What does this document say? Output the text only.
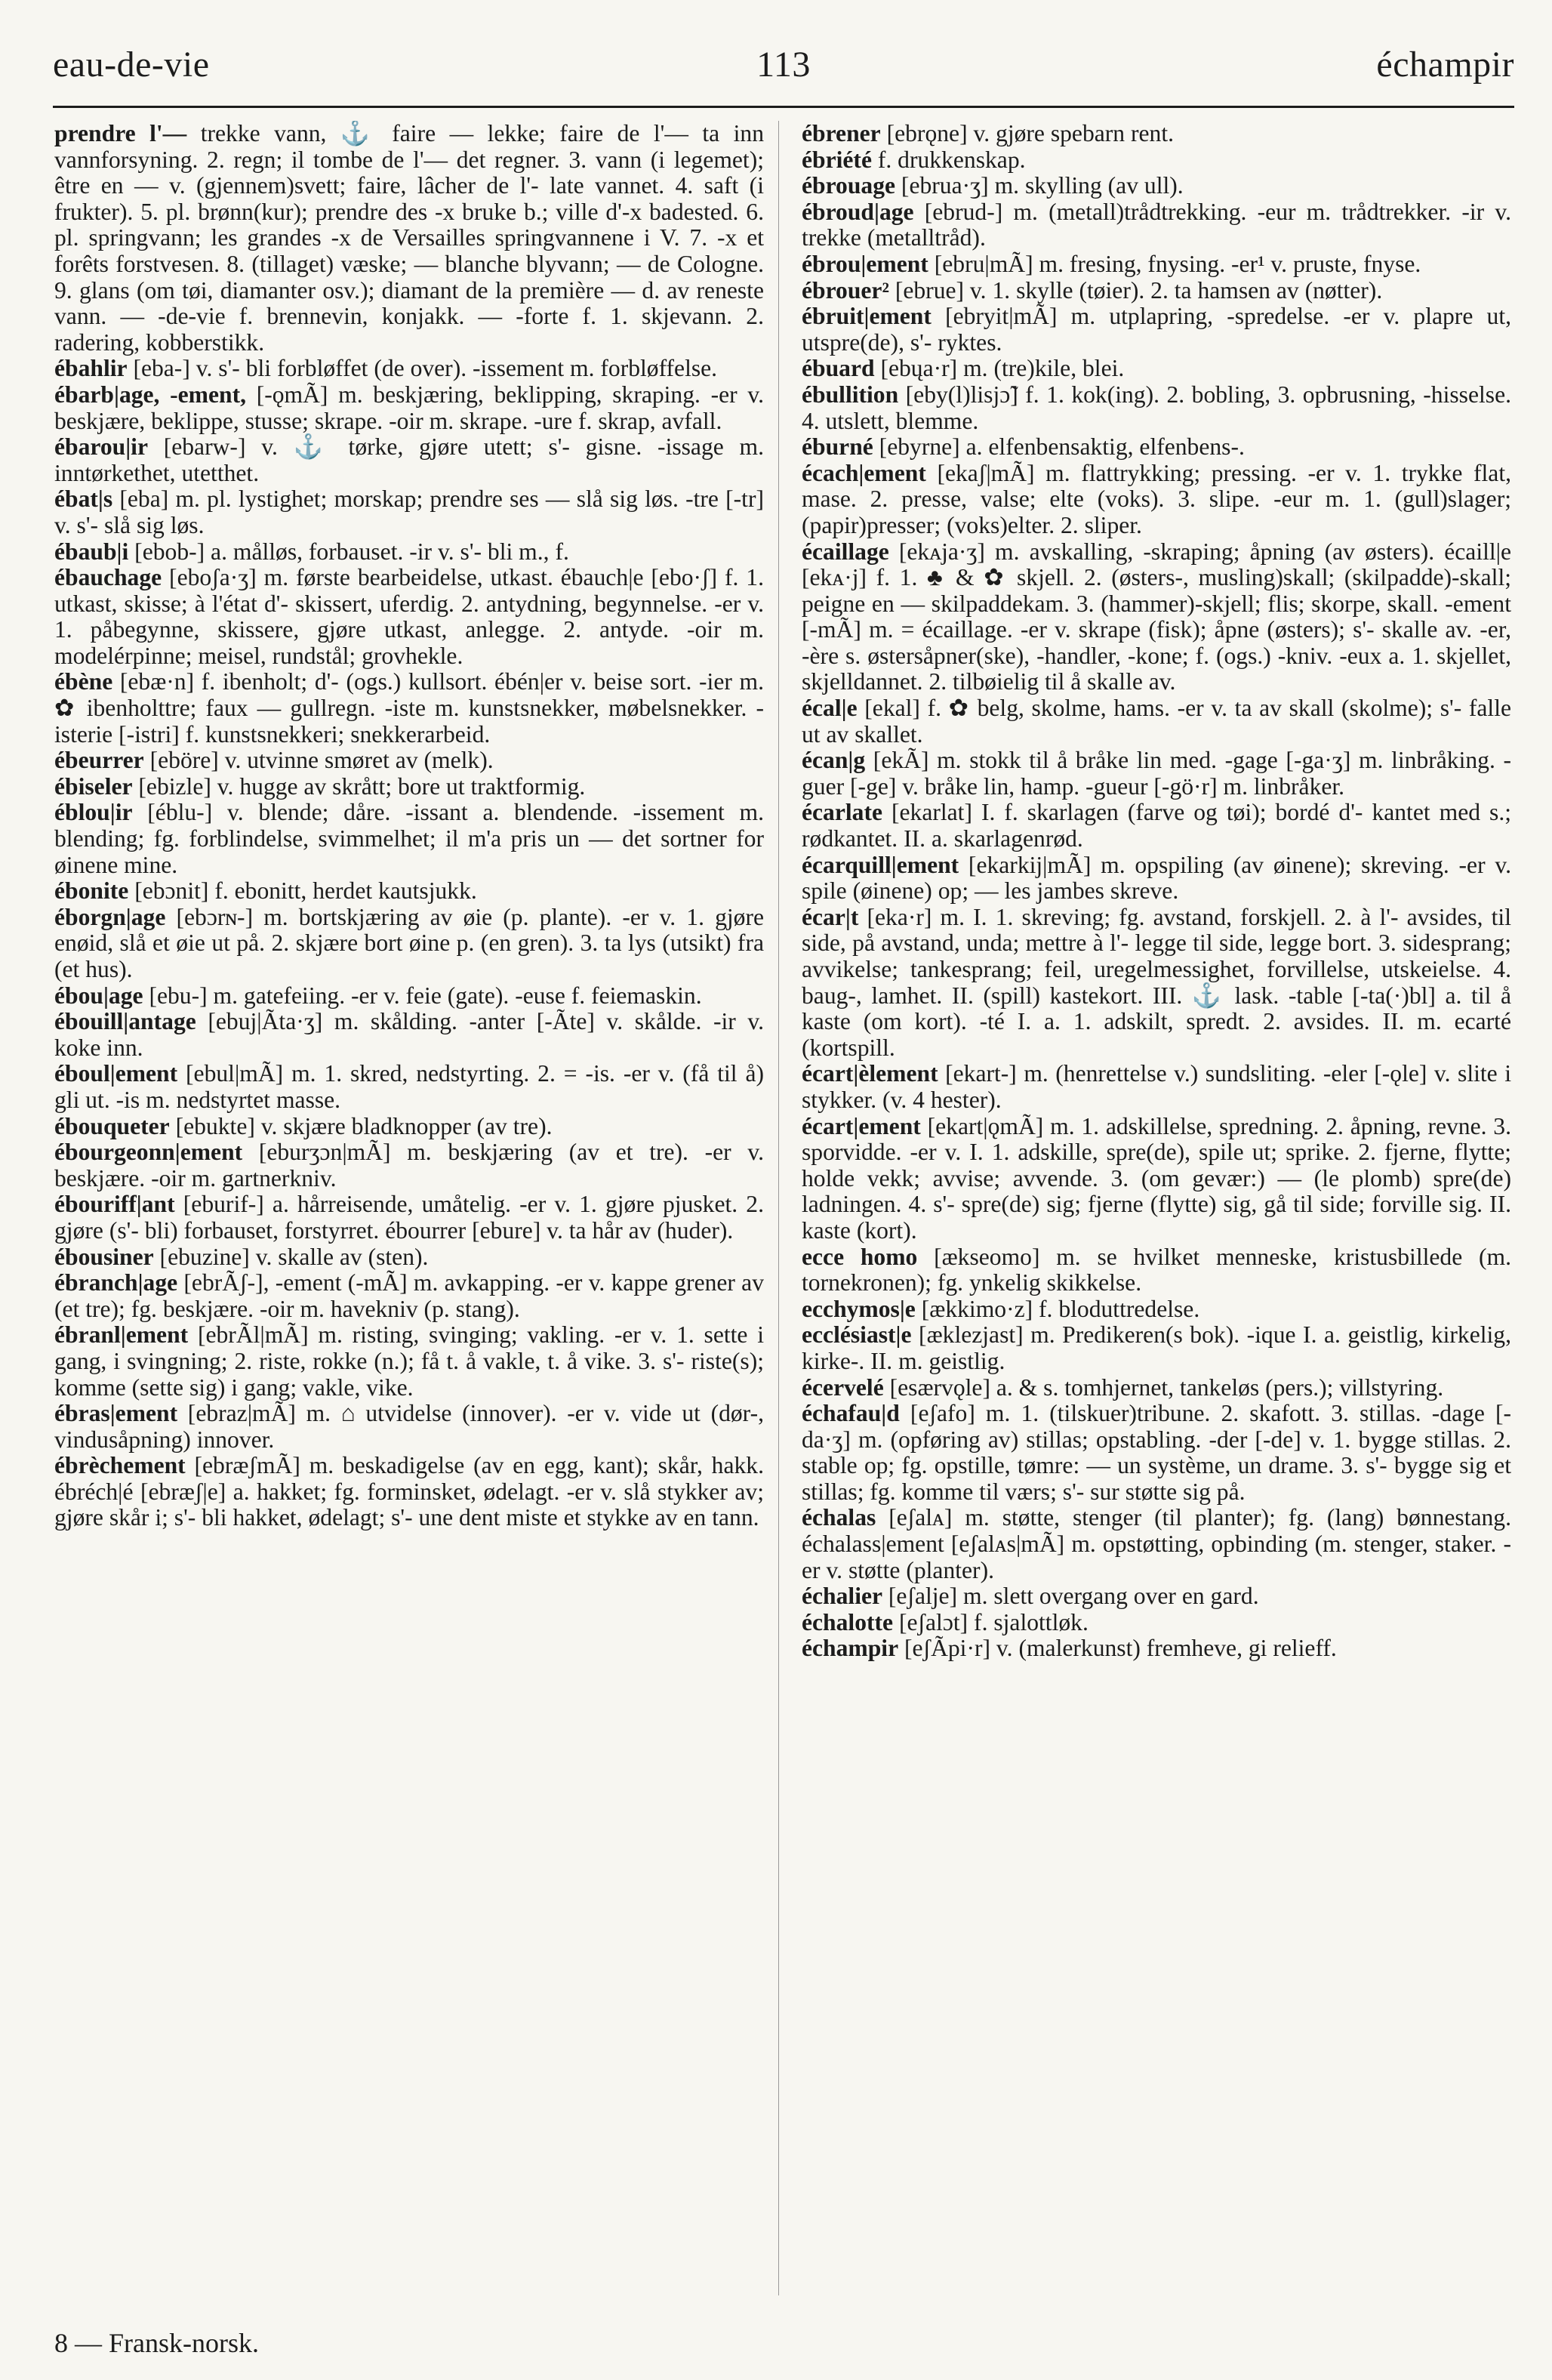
eau-de-vie	113	échampir

prendre l'— trekke vann, ⚓ faire — lekke; faire de l'— ta inn vannforsyning. 2. regn; il tombe de l'— det regner. 3. vann (i legemet); être en — v. (gjennem)svett; faire, lâcher de l'- late vannet. 4. saft (i frukter). 5. pl. brønn(kur); prendre des -x bruke b.; ville d'-x badested. 6. pl. springvann; les grandes -x de Versailles springvannene i V. 7. -x et forêts forstvesen. 8. (tillaget) væske; — blanche blyvann; — de Cologne. 9. glans (om tøi, diamanter osv.); diamant de la première — d. av reneste vann. — -de-vie f. brennevin, konjakk. — -forte f. 1. skjevann. 2. radering, kobberstikk.

ébahlir [eba-] v. s'- bli forbløffet (de over). -issement m. forbløffelse.

ébarb|age, -ement, [-ǫmÃ] m. beskjæring, beklipping, skraping. -er v. beskjære, beklippe, stusse; skrape. -oir m. skrape. -ure f. skrap, avfall.

ébarou|ir [ebarw-] v. ⚓ tørke, gjøre utett; s'- gisne. -issage m. inntørkethet, utetthet.

ébat|s [eba] m. pl. lystighet; morskap; prendre ses — slå sig løs. -tre [-tr] v. s'- slå sig løs.

ébaub|i [ebob-] a. målløs, forbauset. -ir v. s'- bli m., f.

ébauchage [eboʃa·ʒ] m. første bearbeidelse, utkast. ébauch|e [ebo·ʃ] f. 1. utkast, skisse; à l'état d'- skissert, uferdig. 2. antydning, begynnelse. -er v. 1. påbegynne, skissere, gjøre utkast, anlegge. 2. antyde. -oir m. modelérpinne; meisel, rundstål; grovhekle.

ébène [ebæ·n] f. ibenholt; d'- (ogs.) kullsort. ébén|er v. beise sort. -ier m. ✿ ibenholttre; faux — gullregn. -iste m. kunstsnekker, møbelsnekker. -isterie [-istri] f. kunstsnekkeri; snekkerarbeid.

ébeurrer [eböre] v. utvinne smøret av (melk).

ébiseler [ebizle] v. hugge av skrått; bore ut traktformig.

éblou|ir [éblu-] v. blende; dåre. -issant a. blendende. -issement m. blending; fg. forblindelse, svimmelhet; il m'a pris un — det sortner for øinene mine.

ébonite [ebɔnit] f. ebonitt, herdet kautsjukk.

éborgn|age [ebɔrɴ-] m. bortskjæring av øie (p. plante). -er v. 1. gjøre enøid, slå et øie ut på. 2. skjære bort øine p. (en gren). 3. ta lys (utsikt) fra (et hus).

ébou|age [ebu-] m. gatefeiing. -er v. feie (gate). -euse f. feiemaskin.

ébouill|antage [ebuj|Ãta·ʒ] m. skålding. -anter [-Ãte] v. skålde. -ir v. koke inn.

éboul|ement [ebul|mÃ] m. 1. skred, nedstyrting. 2. = -is. -er v. (få til å) gli ut. -is m. nedstyrtet masse.

ébouqueter [ebukte] v. skjære bladknopper (av tre).

ébourgeonn|ement [eburʒɔn|mÃ] m. beskjæring (av et tre). -er v. beskjære. -oir m. gartnerkniv.

ébouriff|ant [eburif-] a. hårreisende, umåtelig. -er v. 1. gjøre pjusket. 2. gjøre (s'- bli) forbauset, forstyrret. ébourrer [ebure] v. ta hår av (huder).

ébousiner [ebuzine] v. skalle av (sten).

ébranch|age [ebrÃʃ-], -ement (-mÃ] m. avkapping. -er v. kappe grener av (et tre); fg. beskjære. -oir m. havekniv (p. stang).

ébranl|ement [ebrÃl|mÃ] m. risting, svinging; vakling. -er v. 1. sette i gang, i svingning; 2. riste, rokke (n.); få t. å vakle, t. å vike. 3. s'- riste(s); komme (sette sig) i gang; vakle, vike.

ébras|ement [ebraz|mÃ] m. ⌂ utvidelse (innover). -er v. vide ut (dør-, vindusåpning) innover.

ébrèchement [ebræʃmÃ] m. beskadigelse (av en egg, kant); skår, hakk. ébréch|é [ebræʃ|e] a. hakket; fg. forminsket, ødelagt. -er v. slå stykker av; gjøre skår i; s'- bli hakket, ødelagt; s'- une dent miste et stykke av en tann.

ébrener [ebrǫne] v. gjøre spebarn rent.

ébriété f. drukkenskap.

ébrouage [ebrua·ʒ] m. skylling (av ull).

ébroud|age [ebrud-] m. (metall)trådtrekking. -eur m. trådtrekker. -ir v. trekke (metalltråd).

ébrou|ement [ebru|mÃ] m. fresing, fnysing. -er¹ v. pruste, fnyse.

ébrouer² [ebrue] v. 1. skylle (tøier). 2. ta hamsen av (nøtter).

ébruit|ement [ebryit|mÃ] m. utplapring, -spredelse. -er v. plapre ut, utspre(de), s'- ryktes.

ébuard [ebųa·r] m. (tre)kile, blei.

ébullition [eby(l)lisjɔ̃] f. 1. kok(ing). 2. bobling, 3. opbrusning, -hisselse. 4. utslett, blemme.

éburné [ebyrne] a. elfenbensaktig, elfenbens-.

écach|ement [ekaʃ|mÃ] m. flattrykking; pressing. -er v. 1. trykke flat, mase. 2. presse, valse; elte (voks). 3. slipe. -eur m. 1. (gull)slager; (papir)presser; (voks)elter. 2. sliper.

écaillage [ekᴀja·ʒ] m. avskalling, -skraping; åpning (av østers). écaill|e [ekᴀ·j] f. 1. ♣ & ✿ skjell. 2. (østers-, musling)skall; (skilpadde)-skall; peigne en — skilpaddekam. 3. (hammer)-skjell; flis; skorpe, skall. -ement [-mÃ] m. = écaillage. -er v. skrape (fisk); åpne (østers); s'- skalle av. -er, -ère s. østersåpner(ske), -handler, -kone; f. (ogs.) -kniv. -eux a. 1. skjellet, skjelldannet. 2. tilbøielig til å skalle av.

écal|e [ekal] f. ✿ belg, skolme, hams. -er v. ta av skall (skolme); s'- falle ut av skallet.

écan|g [ekÃ] m. stokk til å bråke lin med. -gage [-ga·ʒ] m. linbråking. -guer [-ge] v. bråke lin, hamp. -gueur [-gö·r] m. linbråker.

écarlate [ekarlat] I. f. skarlagen (farve og tøi); bordé d'- kantet med s.; rødkantet. II. a. skarlagenrød.

écarquill|ement [ekarkij|mÃ] m. opspiling (av øinene); skreving. -er v. spile (øinene) op; — les jambes skreve.

écar|t [eka·r] m. I. 1. skreving; fg. avstand, forskjell. 2. à l'- avsides, til side, på avstand, unda; mettre à l'- legge til side, legge bort. 3. sidesprang; avvikelse; tankesprang; feil, uregelmessighet, forvillelse, utskeielse. 4. baug-, lamhet. II. (spill) kastekort. III. ⚓ lask. -table [-ta(·)bl] a. til å kaste (om kort). -té I. a. 1. adskilt, spredt. 2. avsides. II. m. ecarté (kortspill.

écart|èlement [ekart-] m. (henrettelse v.) sundsliting. -eler [-ǫle] v. slite i stykker. (v. 4 hester).

écart|ement [ekart|ǫmÃ] m. 1. adskillelse, spredning. 2. åpning, revne. 3. sporvidde. -er v. I. 1. adskille, spre(de), spile ut; sprike. 2. fjerne, flytte; holde vekk; avvise; avvende. 3. (om gevær:) — (le plomb) spre(de) ladningen. 4. s'- spre(de) sig; fjerne (flytte) sig, gå til side; forville sig. II. kaste (kort).

ecce homo [ækseomo] m. se hvilket menneske, kristusbillede (m. tornekronen); fg. ynkelig skikkelse.

ecchymos|e [ækkimo·z] f. bloduttredelse.

ecclésiast|e [æklezjast] m. Predikeren(s bok). -ique I. a. geistlig, kirkelig, kirke-. II. m. geistlig.

écervelé [esærvǫle] a. & s. tomhjernet, tankeløs (pers.); villstyring.

échafau|d [eʃafo] m. 1. (tilskuer)tribune. 2. skafott. 3. stillas. -dage [-da·ʒ] m. (opføring av) stillas; opstabling. -der [-de] v. 1. bygge stillas. 2. stable op; fg. opstille, tømre: — un système, un drame. 3. s'- bygge sig et stillas; fg. komme til værs; s'- sur støtte sig på.

échalas [eʃalᴀ] m. støtte, stenger (til planter); fg. (lang) bønnestang. échalass|ement [eʃalᴀs|mÃ] m. opstøtting, opbinding (m. stenger, staker. -er v. støtte (planter).

échalier [eʃalje] m. slett overgang over en gard.

échalotte [eʃalɔt] f. sjalottløk.

échampir [eʃÃpi·r] v. (malerkunst) fremheve, gi relieff.

8 — Fransk-norsk.
